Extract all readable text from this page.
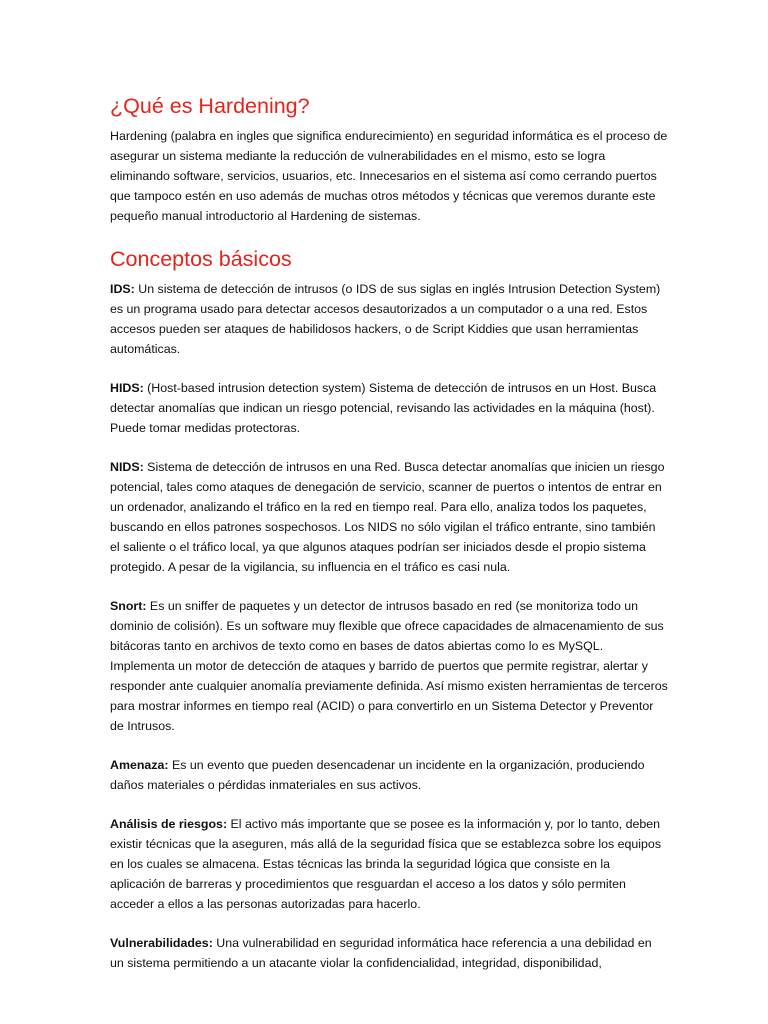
¿Qué es Hardening?

Hardening (palabra en ingles que significa endurecimiento) en seguridad informática es el proceso de asegurar un sistema mediante la reducción de vulnerabilidades en el mismo, esto se logra eliminando software, servicios, usuarios, etc. Innecesarios en el sistema así como cerrando puertos que tampoco estén en uso además de muchas otros métodos y técnicas que veremos durante este pequeño manual introductorio al Hardening de sistemas.

Conceptos básicos

IDS: Un sistema de detección de intrusos (o IDS de sus siglas en inglés Intrusion Detection System) es un programa usado para detectar accesos desautorizados a un computador o a una red. Estos accesos pueden ser ataques de habilidosos hackers, o de Script Kiddies que usan herramientas automáticas.

HIDS: (Host-based intrusion detection system) Sistema de detección de intrusos en un Host. Busca detectar anomalías que indican un riesgo potencial, revisando las actividades en la máquina (host). Puede tomar medidas protectoras.

NIDS: Sistema de detección de intrusos en una Red. Busca detectar anomalías que inicien un riesgo potencial, tales como ataques de denegación de servicio, scanner de puertos o intentos de entrar en un ordenador, analizando el tráfico en la red en tiempo real. Para ello, analiza todos los paquetes, buscando en ellos patrones sospechosos. Los NIDS no sólo vigilan el tráfico entrante, sino también el saliente o el tráfico local, ya que algunos ataques podrían ser iniciados desde el propio sistema protegido. A pesar de la vigilancia, su influencia en el tráfico es casi nula.

Snort: Es un sniffer de paquetes y un detector de intrusos basado en red (se monitoriza todo un dominio de colisión). Es un software muy flexible que ofrece capacidades de almacenamiento de sus bitácoras tanto en archivos de texto como en bases de datos abiertas como lo es MySQL. Implementa un motor de detección de ataques y barrido de puertos que permite registrar, alertar y responder ante cualquier anomalía previamente definida. Así mismo existen herramientas de terceros para mostrar informes en tiempo real (ACID) o para convertirlo en un Sistema Detector y Preventor de Intrusos.

Amenaza: Es un evento que pueden desencadenar un incidente en la organización, produciendo daños materiales o pérdidas inmateriales en sus activos.

Análisis de riesgos: El activo más importante que se posee es la información y, por lo tanto, deben existir técnicas que la aseguren, más allá de la seguridad física que se establezca sobre los equipos en los cuales se almacena. Estas técnicas las brinda la seguridad lógica que consiste en la aplicación de barreras y procedimientos que resguardan el acceso a los datos y sólo permiten acceder a ellos a las personas autorizadas para hacerlo.

Vulnerabilidades: Una vulnerabilidad en seguridad informática hace referencia a una debilidad en un sistema permitiendo a un atacante violar la confidencialidad, integridad, disponibilidad,
